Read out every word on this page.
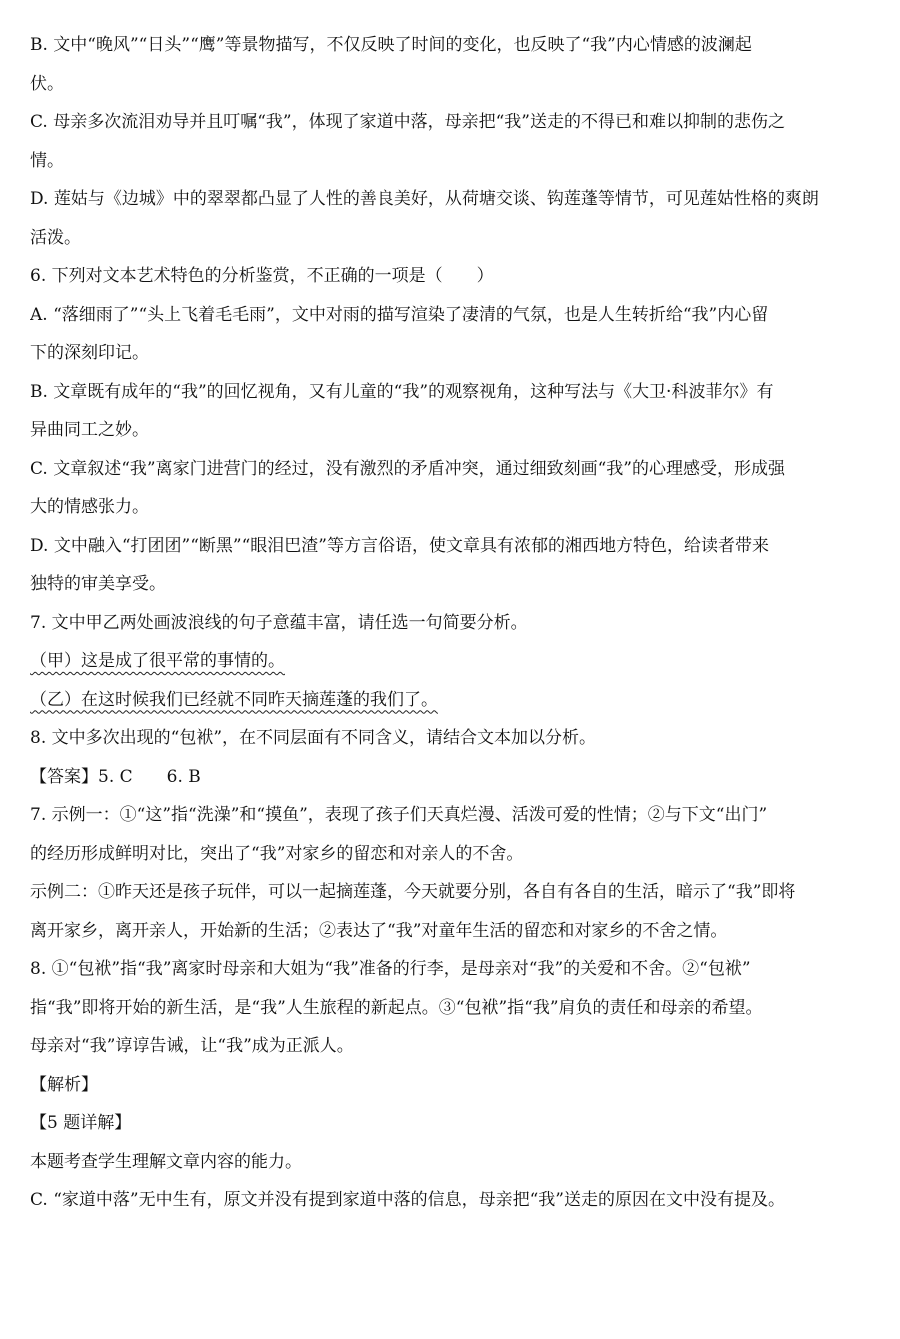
B. 文中“晚风”“日头”“鹰”等景物描写，不仅反映了时间的变化，也反映了“我”内心情感的波澜起
伏。
C. 母亲多次流泪劝导并且叮嘱“我”，体现了家道中落，母亲把“我”送走的不得已和难以抑制的悲伤之
情。
D. 莲姑与《边城》中的翠翠都凸显了人性的善良美好，从荷塘交谈、钩莲蓬等情节，可见莲姑性格的爽朗
活泼。
6. 下列对文本艺术特色的分析鉴赏，不正确的一项是（　　）
A. “落细雨了”“头上飞着毛毛雨”，文中对雨的描写渲染了凄清的气氛，也是人生转折给“我”内心留
下的深刻印记。
B. 文章既有成年的“我”的回忆视角，又有儿童的“我”的观察视角，这种写法与《大卫·科波菲尔》有
异曲同工之妙。
C. 文章叙述“我”离家门进营门的经过，没有激烈的矛盾冲突，通过细致刻画“我”的心理感受，形成强
大的情感张力。
D. 文中融入“打团团”“断黑”“眼泪巴渣”等方言俗语，使文章具有浓郁的湘西地方特色，给读者带来
独特的审美享受。
7. 文中甲乙两处画波浪线的句子意蕴丰富，请任选一句简要分析。
（甲）这是成了很平常的事情的。
（乙）在这时候我们已经就不同昨天摘莲蓬的我们了。
8. 文中多次出现的“包袱”，在不同层面有不同含义，请结合文本加以分析。
【答案】5. C 6. B
7. 示例一：①“这”指“洗澡”和“摸鱼”，表现了孩子们天真烂漫、活泼可爱的性情；②与下文“出门”
的经历形成鲜明对比，突出了“我”对家乡的留恋和对亲人的不舍。
示例二：①昨天还是孩子玩伴，可以一起摘莲蓬，今天就要分别，各自有各自的生活，暗示了“我”即将
离开家乡，离开亲人，开始新的生活；②表达了“我”对童年生活的留恋和对家乡的不舍之情。
8. ①“包袱”指“我”离家时母亲和大姐为“我”准备的行李，是母亲对“我”的关爱和不舍。②“包袱”
指“我”即将开始的新生活，是“我”人生旅程的新起点。③“包袱”指“我”肩负的责任和母亲的希望。
母亲对“我”谆谆告诫，让“我”成为正派人。
【解析】
【5 题详解】
本题考查学生理解文章内容的能力。
C. “家道中落”无中生有，原文并没有提到家道中落的信息，母亲把“我”送走的原因在文中没有提及。
